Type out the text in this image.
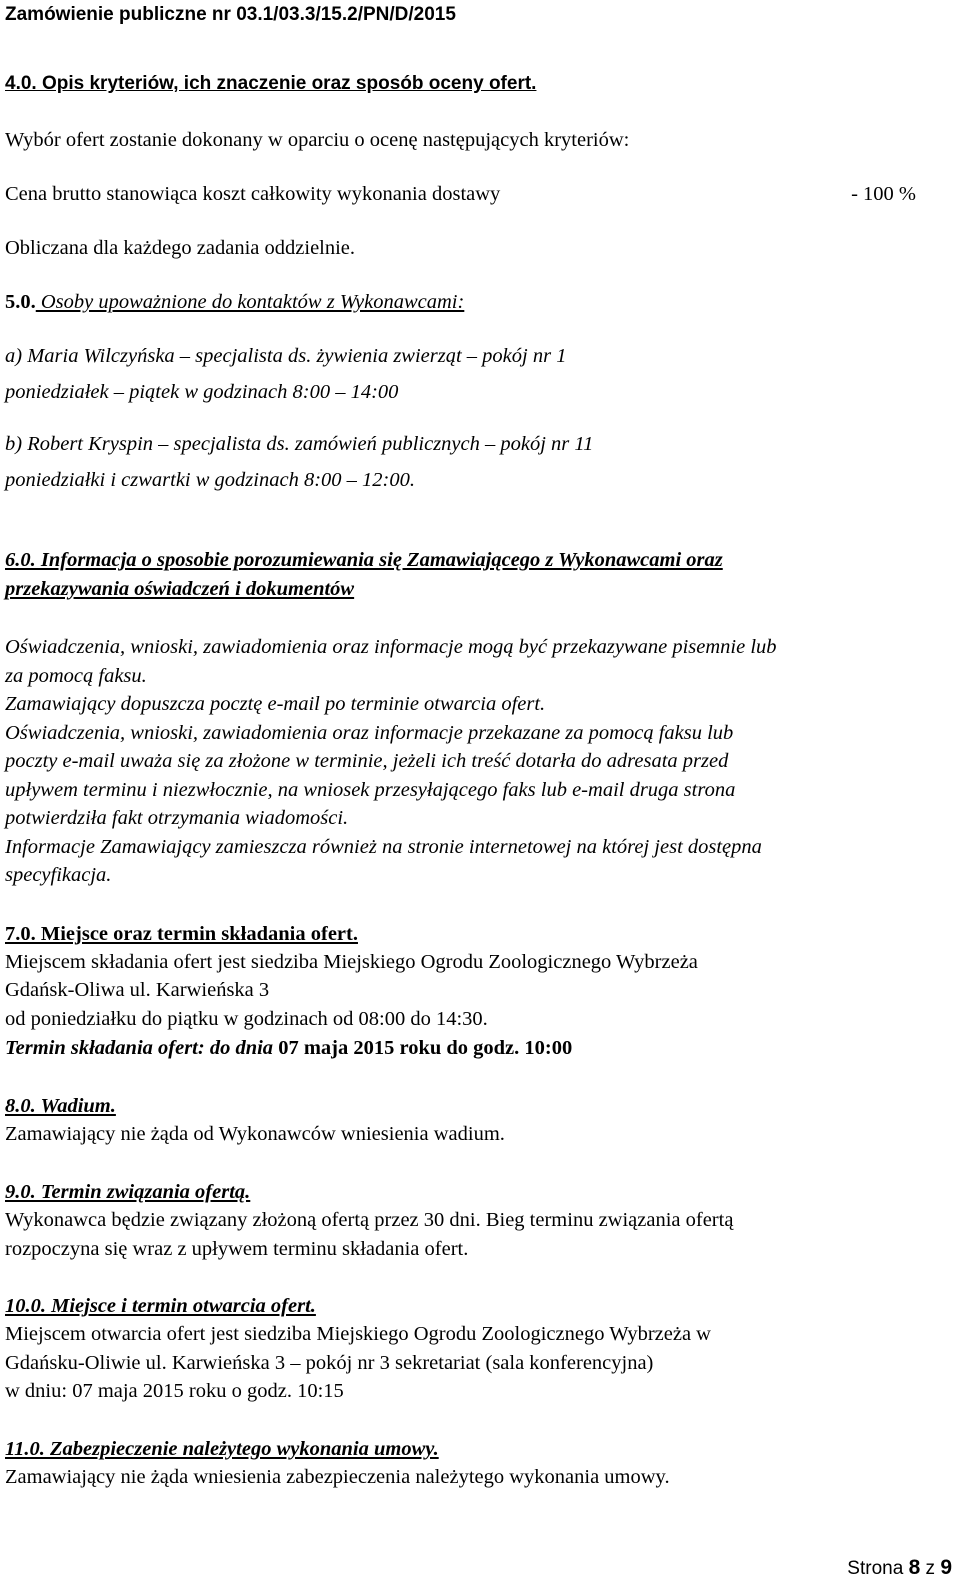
Zamówienie publiczne nr 03.1/03.3/15.2/PN/D/2015
4.0. Opis kryteriów, ich znaczenie oraz sposób oceny ofert.
Wybór ofert zostanie dokonany w oparciu o ocenę następujących kryteriów:
Cena brutto stanowiąca koszt całkowity wykonania dostawy	- 100 %
Obliczana dla każdego zadania oddzielnie.
5.0. Osoby upoważnione do kontaktów z Wykonawcami:
a) Maria Wilczyńska – specjalista ds. żywienia zwierząt – pokój nr 1
poniedziałek – piątek w godzinach 8:00 – 14:00
b) Robert Kryspin – specjalista ds. zamówień publicznych – pokój nr 11
poniedziałki i czwartki w godzinach 8:00 – 12:00.
6.0. Informacja o sposobie porozumiewania się Zamawiającego z Wykonawcami oraz
przekazywania oświadczeń i dokumentów
Oświadczenia, wnioski, zawiadomienia oraz informacje mogą być przekazywane pisemnie lub
za pomocą faksu.
Zamawiający dopuszcza pocztę e-mail po terminie otwarcia ofert.
Oświadczenia, wnioski, zawiadomienia oraz informacje przekazane za pomocą faksu lub
poczty e-mail uważa się za złożone w terminie, jeżeli ich treść dotarła do adresata przed
upływem terminu i niezwłocznie, na wniosek przesyłającego faks lub e-mail druga strona
potwierdziła fakt otrzymania wiadomości.
Informacje Zamawiający zamieszcza również na stronie internetowej na której jest dostępna
specyfikacja.
7.0. Miejsce oraz termin składania ofert.
Miejscem składania ofert jest siedziba Miejskiego Ogrodu Zoologicznego Wybrzeża
Gdańsk-Oliwa ul. Karwieńska 3
od poniedziałku do piątku w godzinach od 08:00 do 14:30.
Termin składania ofert: do dnia 07 maja 2015 roku do godz. 10:00
8.0. Wadium.
Zamawiający nie żąda od Wykonawców wniesienia wadium.
9.0. Termin związania ofertą.
Wykonawca będzie związany złożoną ofertą przez 30 dni. Bieg terminu związania ofertą
rozpoczyna się wraz z upływem terminu składania ofert.
10.0. Miejsce i termin otwarcia ofert.
Miejscem otwarcia ofert jest siedziba Miejskiego Ogrodu Zoologicznego Wybrzeża w
Gdańsku-Oliwie ul. Karwieńska 3 – pokój nr 3 sekretariat (sala konferencyjna)
w dniu: 07 maja 2015 roku o godz. 10:15
11.0. Zabezpieczenie należytego wykonania umowy.
Zamawiający nie żąda wniesienia zabezpieczenia należytego wykonania umowy.
Strona 8 z 9
